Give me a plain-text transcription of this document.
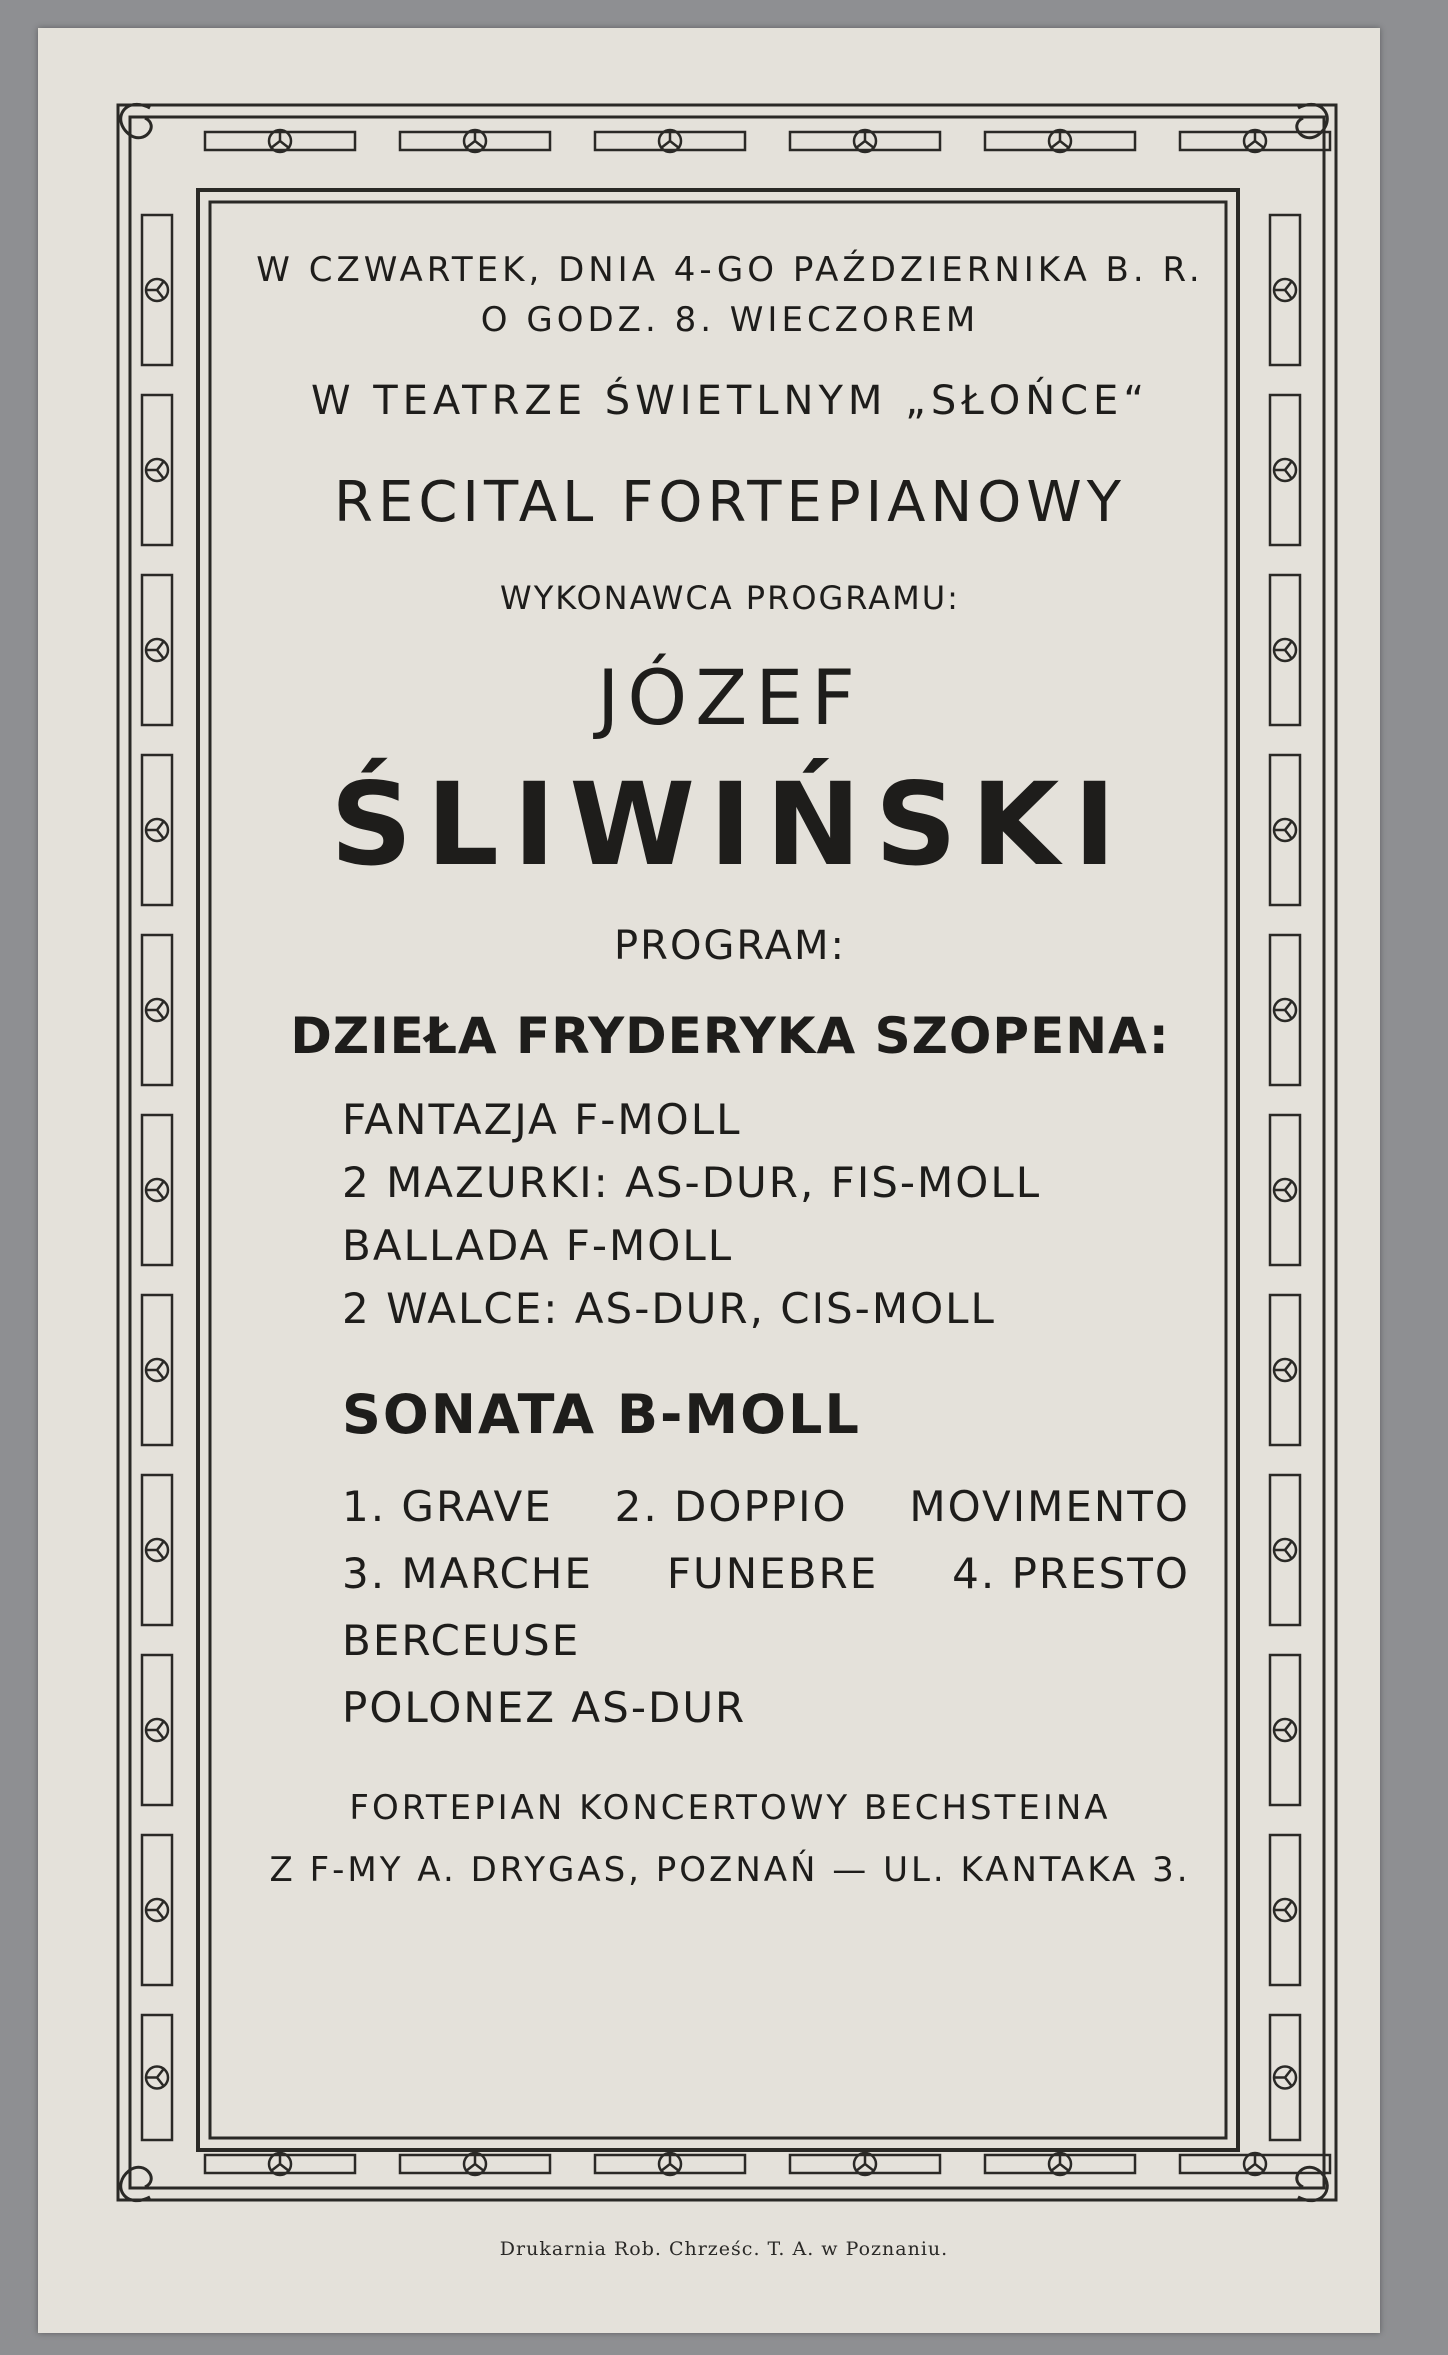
W CZWARTEK, DNIA 4-GO PAŹDZIERNIKA B. R.
O GODZ. 8. WIECZOREM
W TEATRZE ŚWIETLNYM „SŁOŃCE“
RECITAL FORTEPIANOWY
WYKONAWCA PROGRAMU:
JÓZEF
ŚLIWIŃSKI
PROGRAM:
DZIEŁA FRYDERYKA SZOPENA:
FANTAZJA F-MOLL
2 MAZURKI: AS-DUR, FIS-MOLL
BALLADA F-MOLL
2 WALCE: AS-DUR, CIS-MOLL
SONATA B-MOLL
1. GRAVE 2. DOPPIO MOVIMENTO
3. MARCHE FUNEBRE 4. PRESTO
BERCEUSE
POLONEZ AS-DUR
FORTEPIAN KONCERTOWY BECHSTEINA
Z F-MY A. DRYGAS, POZNAŃ — UL. KANTAKA 3.
Drukarnia Rob. Chrześc. T. A. w Poznaniu.
